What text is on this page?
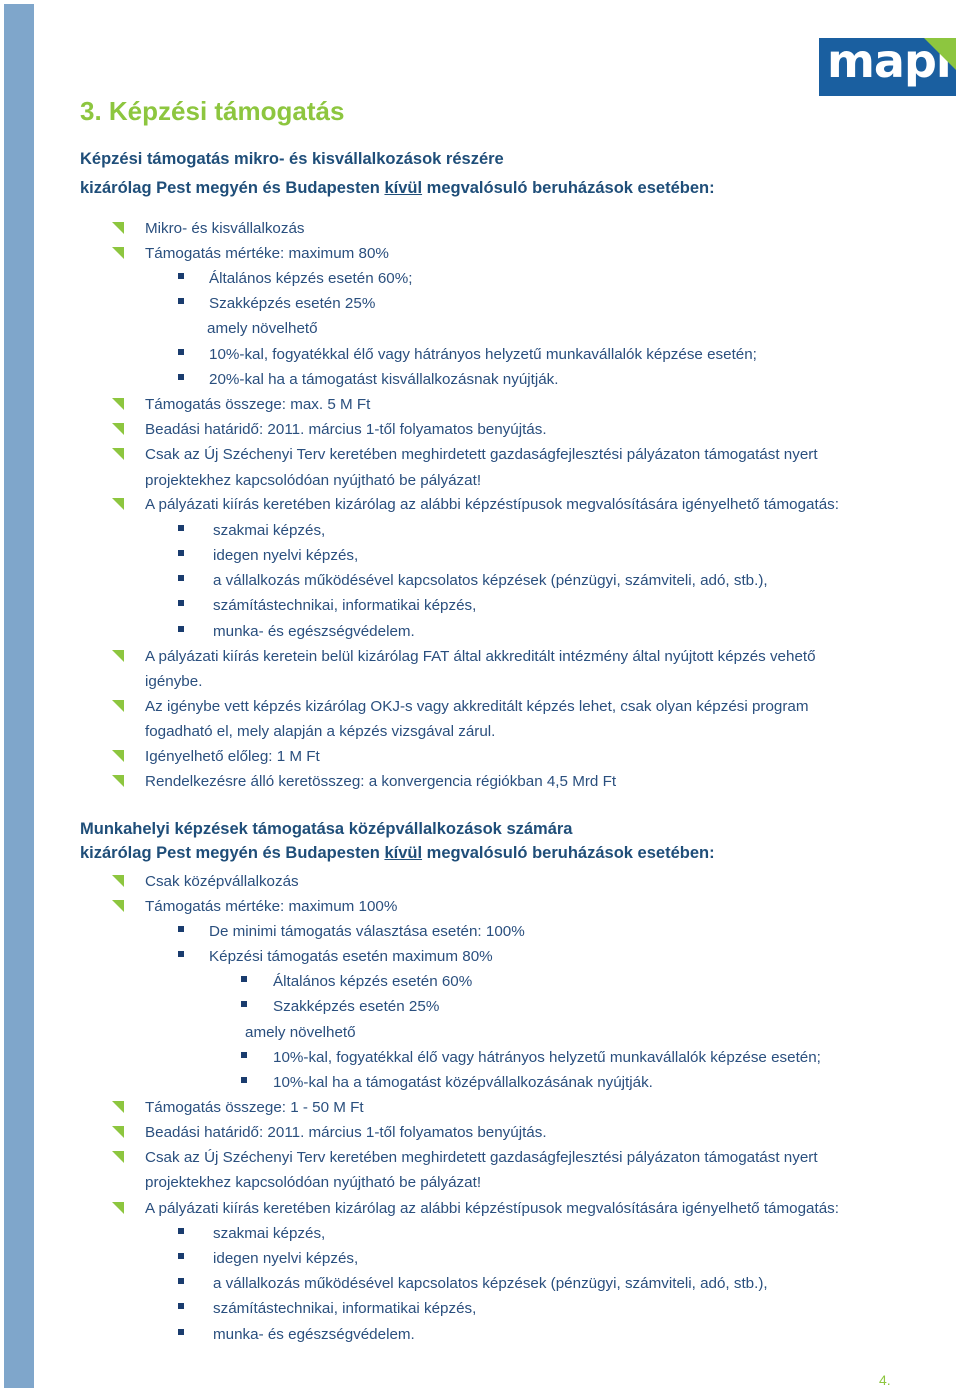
mapi
3. Képzési támogatás
Képzési támogatás mikro- és kisvállalkozások részére
kizárólag Pest megyén és Budapesten kívül megvalósuló beruházások esetében:
Mikro- és kisvállalkozás
Támogatás mértéke: maximum 80%
Általános képzés esetén 60%;
Szakképzés esetén 25%
amely növelhető
10%-kal, fogyatékkal élő vagy hátrányos helyzetű munkavállalók képzése esetén;
20%-kal ha a támogatást kisvállalkozásnak nyújtják.
Támogatás összege: max. 5 M Ft
Beadási határidő: 2011. március 1-től folyamatos benyújtás.
Csak az Új Széchenyi Terv keretében meghirdetett gazdaságfejlesztési pályázaton támogatást nyert
projektekhez kapcsolódóan nyújtható be pályázat!
A pályázati kiírás keretében kizárólag az alábbi képzéstípusok megvalósítására igényelhető támogatás:
szakmai képzés,
idegen nyelvi képzés,
a vállalkozás működésével kapcsolatos képzések (pénzügyi, számviteli, adó, stb.),
számítástechnikai, informatikai képzés,
munka- és egészségvédelem.
A pályázati kiírás keretein belül kizárólag FAT által akkreditált intézmény által nyújtott képzés vehető
igénybe.
Az igénybe vett képzés kizárólag OKJ-s vagy akkreditált képzés lehet, csak olyan képzési program
fogadható el, mely alapján a képzés vizsgával zárul.
Igényelhető előleg: 1 M Ft
Rendelkezésre álló keretösszeg: a konvergencia régiókban 4,5 Mrd Ft
Munkahelyi képzések támogatása középvállalkozások számára
kizárólag Pest megyén és Budapesten kívül megvalósuló beruházások esetében:
Csak középvállalkozás
Támogatás mértéke: maximum 100%
De minimi támogatás választása esetén: 100%
Képzési támogatás esetén maximum 80%
Általános képzés esetén 60%
Szakképzés esetén 25%
amely növelhető
10%-kal, fogyatékkal élő vagy hátrányos helyzetű munkavállalók képzése esetén;
10%-kal ha a támogatást középvállalkozásának nyújtják.
Támogatás összege: 1 - 50 M Ft
Beadási határidő: 2011. március 1-től folyamatos benyújtás.
Csak az Új Széchenyi Terv keretében meghirdetett gazdaságfejlesztési pályázaton támogatást nyert
projektekhez kapcsolódóan nyújtható be pályázat!
A pályázati kiírás keretében kizárólag az alábbi képzéstípusok megvalósítására igényelhető támogatás:
szakmai képzés,
idegen nyelvi képzés,
a vállalkozás működésével kapcsolatos képzések (pénzügyi, számviteli, adó, stb.),
számítástechnikai, informatikai képzés,
munka- és egészségvédelem.
4.
